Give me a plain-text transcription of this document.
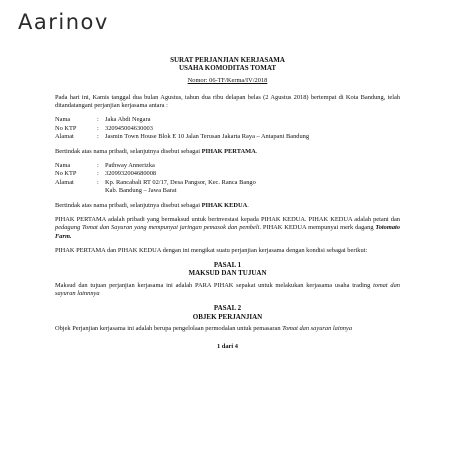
Aarinov
SURAT PERJANJIAN KERJASAMA
USAHA KOMODITAS TOMAT
Nomor: 06-TF/Kerma/IV/2018
Pada hari ini, Kamis tanggal dua bulan Agustus, tahun dua ribu delapan belas (2 Agustus 2018) bertempat di Kota Bandung, telah ditandatangani perjanjian kerjasama antara :
Nama	: Jaka Abdi Negara
No KTP	: 320945004630003
Alamat	: Jasmin Town House Blok E 10 Jalan Terusan Jakarta Raya – Antapani Bandung
Bertindak atas nama pribadi, selanjutnya disebut sebagai PIHAK PERTAMA.
Nama	: Pathway Annerizka
No KTP	: 3209932004680008
Alamat	: Kp. Rancabali RT 02/17, Desa Pangsor, Kec. Ranca Bango
Kab. Bandung – Jawa Barat
Bertindak atas nama pribadi, selanjutnya disebut sebagai PIHAK KEDUA.
PIHAK PERTAMA adalah pribadi yang bermaksud untuk berinvestasi kepada PIHAK KEDUA. PIHAK KEDUA adalah petani dan pedagang Tomat dan Sayuran yang mempunyai jaringan pemasok dan pembeli. PIHAK KEDUA mempunyai merk dagang Totomato Farm.
PIHAK PERTAMA dan PIHAK KEDUA dengan ini mengikat suatu perjanjian kerjasama dengan kondisi sebagai berikut:
PASAL 1
MAKSUD DAN TUJUAN
Maksud dan tujuan perjanjian kerjasama ini adalah PARA PIHAK sepakat untuk melakukan kerjasama usaha trading tomat dan sayuran lainnnya
PASAL 2
OBJEK PERJANJIAN
Objek Perjanjian kerjasama ini adalah berupa pengelolaan permodalan untuk pemasaran Tomat dan sayuran lainnya
1 dari 4
